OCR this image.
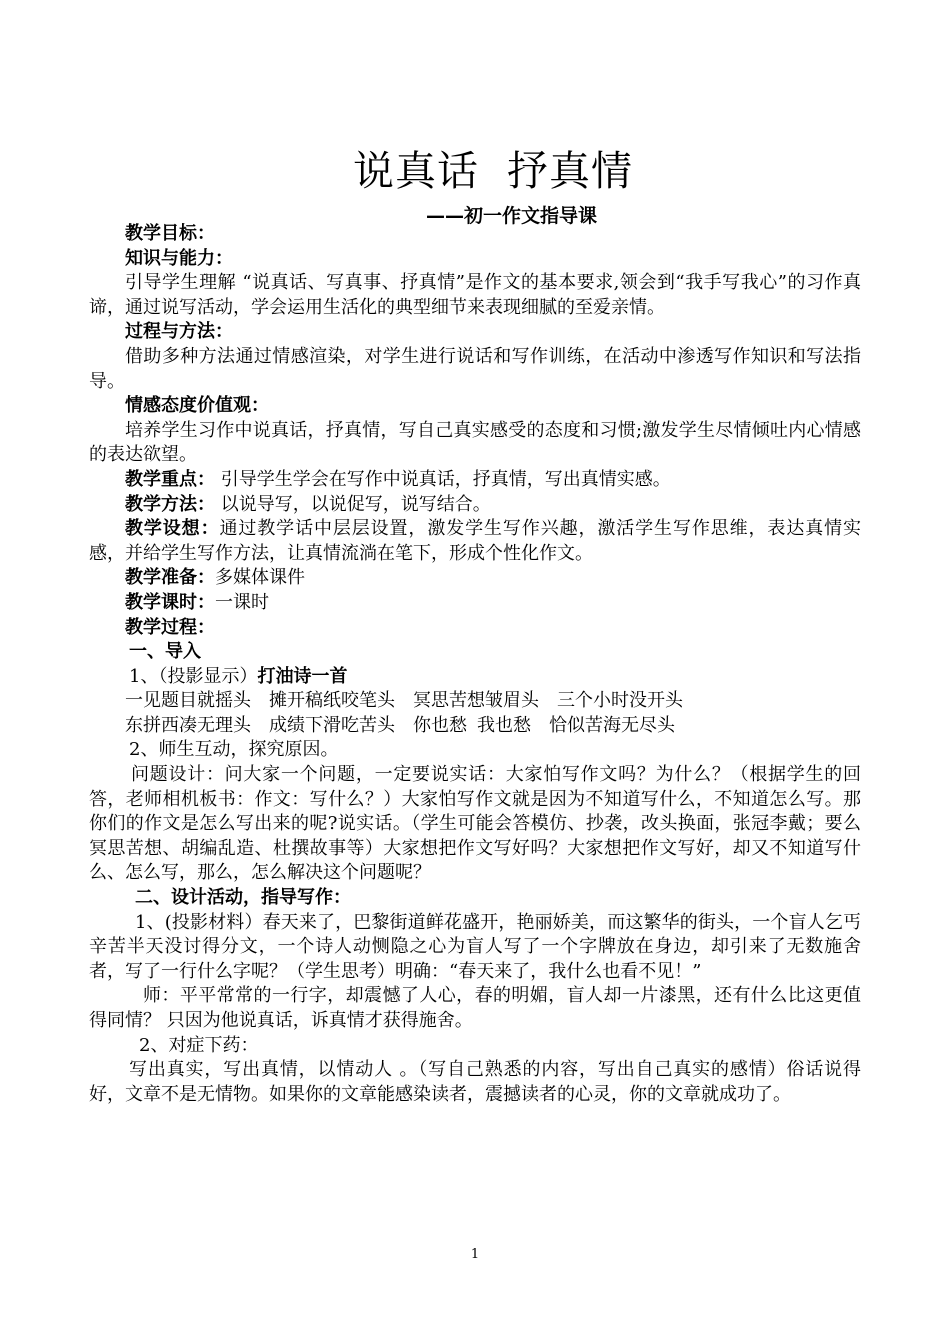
说真话  抒真情
——初一作文指导课

教学目标：

知识与能力：

引导学生理解 “说真话、写真事、抒真情”是作文的基本要求,领会到“我手写我心”的习作真谛，通过说写活动，学会运用生活化的典型细节来表现细腻的至爱亲情。

过程与方法：

借助多种方法通过情感渲染，对学生进行说话和写作训练，在活动中渗透写作知识和写法指导。

情感态度价值观：

培养学生习作中说真话，抒真情，写自己真实感受的态度和习惯;激发学生尽情倾吐内心情感的表达欲望。

教学重点： 引导学生学会在写作中说真话，抒真情，写出真情实感。

教学方法： 以说导写，以说促写，说写结合。

教学设想：通过教学话中层层设置，激发学生写作兴趣，激活学生写作思维，表达真情实感，并给学生写作方法，让真情流淌在笔下，形成个性化作文。

教学准备：多媒体课件

教学课时：一课时

教学过程：

一、导入

1、（投影显示）打油诗一首

一见题目就摇头 摊开稿纸咬笔头 冥思苦想皱眉头 三个小时没开头

东拼西凑无理头 成绩下滑吃苦头 你也愁 我也愁 恰似苦海无尽头

2、师生互动，探究原因。

问题设计：问大家一个问题，一定要说实话：大家怕写作文吗？为什么？（根据学生的回答，老师相机板书：作文：写什么？）大家怕写作文就是因为不知道写什么，不知道怎么写。那你们的作文是怎么写出来的呢?说实话。（学生可能会答模仿、抄袭，改头换面，张冠李戴；要么冥思苦想、胡编乱造、杜撰故事等）大家想把作文写好吗？大家想把作文写好，却又不知道写什么、怎么写，那么，怎么解决这个问题呢？

二、设计活动，指导写作：

1、(投影材料）春天来了，巴黎街道鲜花盛开，艳丽娇美，而这繁华的街头，一个盲人乞丐辛苦半天没讨得分文，一个诗人动恻隐之心为盲人写了一个字牌放在身边，却引来了无数施舍者，写了一行什么字呢？（学生思考）明确：“春天来了，我什么也看不见！”

师：平平常常的一行字，却震憾了人心，春的明媚，盲人却一片漆黑，还有什么比这更值得同情？ 只因为他说真话，诉真情才获得施舍。

2、对症下药：

写出真实，写出真情，以情动人 。（写自己熟悉的内容，写出自己真实的感情）俗话说得好，文章不是无情物。如果你的文章能感染读者，震撼读者的心灵，你的文章就成功了。

1
